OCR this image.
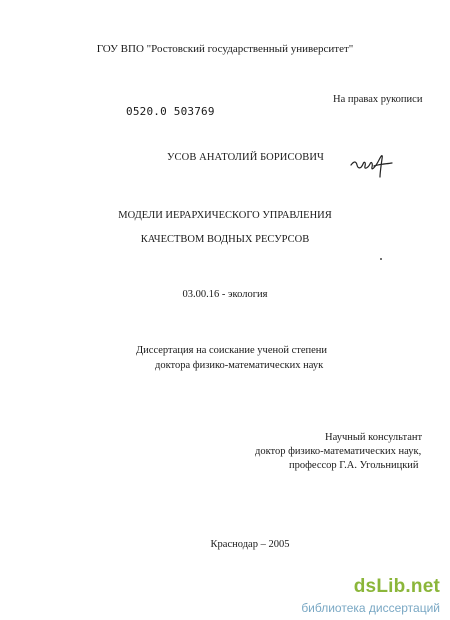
ГОУ ВПО "Ростовский государственный университет"
На правах рукописи
0520.0 503769
УСОВ АНАТОЛИЙ БОРИСОВИЧ
МОДЕЛИ ИЕРАРХИЧЕСКОГО УПРАВЛЕНИЯ
КАЧЕСТВОМ ВОДНЫХ РЕСУРСОВ
03.00.16 - экология
Диссертация на соискание ученой степени
доктора физико-математических наук
Научный консультант
доктор физико-математических наук,
профессор Г.А. Угольницкий
Краснодар – 2005
dsLib.net
библиотека диссертаций
